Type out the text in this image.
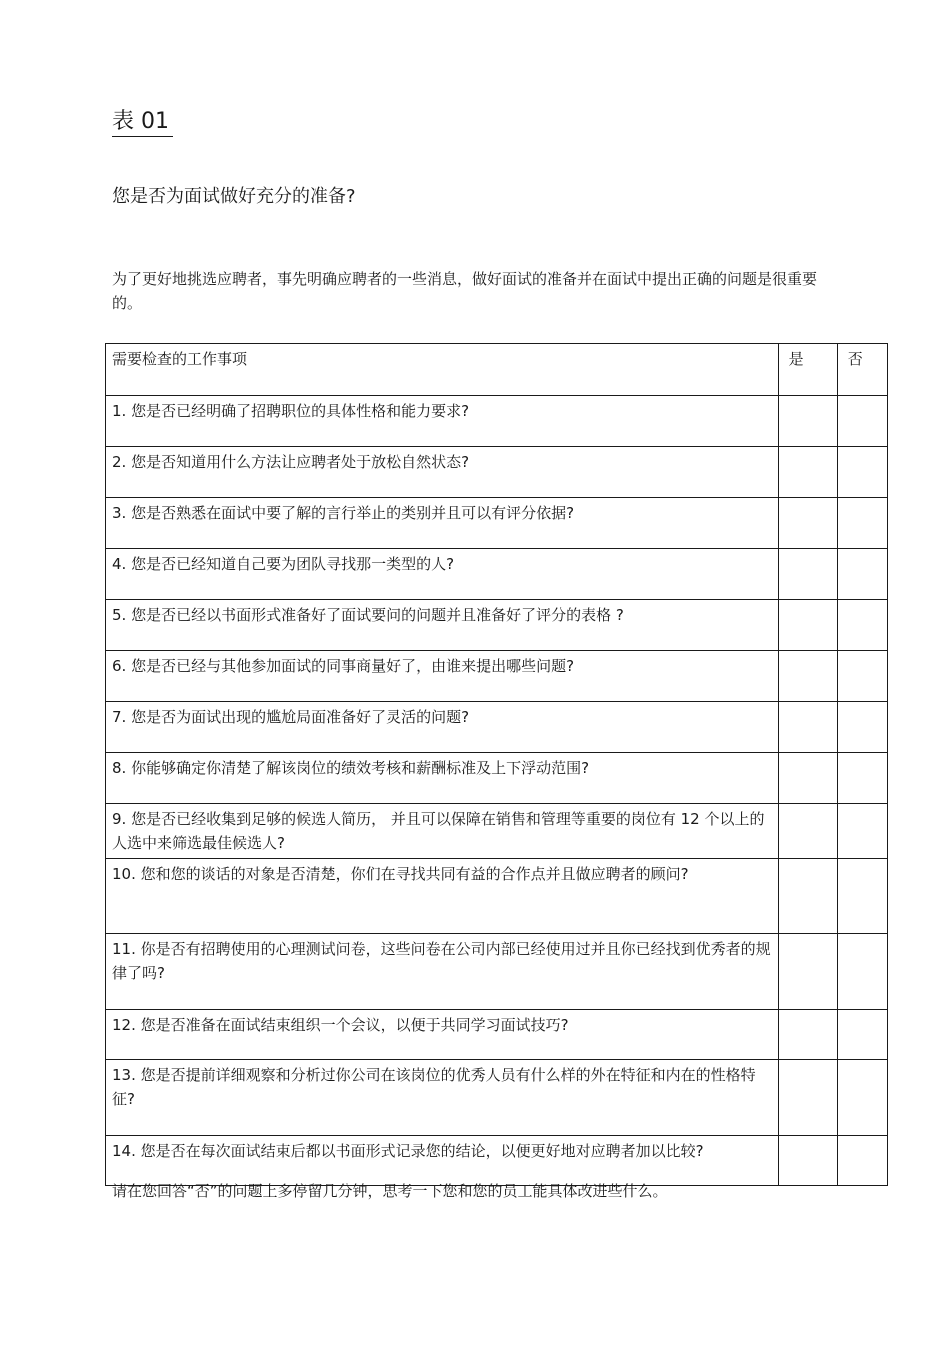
表 01
您是否为面试做好充分的准备?
为了更好地挑选应聘者，事先明确应聘者的一些消息，做好面试的准备并在面试中提出正确的问题是很重要的。
需要检查的工作事项	是	否
1. 您是否已经明确了招聘职位的具体性格和能力要求?		
2. 您是否知道用什么方法让应聘者处于放松自然状态?		
3. 您是否熟悉在面试中要了解的言行举止的类别并且可以有评分依据?		
4. 您是否已经知道自己要为团队寻找那一类型的人?		
5. 您是否已经以书面形式准备好了面试要问的问题并且准备好了评分的表格 ?		
6. 您是否已经与其他参加面试的同事商量好了，由谁来提出哪些问题?		
7. 您是否为面试出现的尴尬局面准备好了灵活的问题?		
8. 你能够确定你清楚了解该岗位的绩效考核和薪酬标准及上下浮动范围?		
9. 您是否已经收集到足够的候选人简历， 并且可以保障在销售和管理等重要的岗位有 12 个以上的人选中来筛选最佳候选人?		
10. 您和您的谈话的对象是否清楚，你们在寻找共同有益的合作点并且做应聘者的顾问?		
11. 你是否有招聘使用的心理测试问卷，这些问卷在公司内部已经使用过并且你已经找到优秀者的规律了吗?		
12. 您是否准备在面试结束组织一个会议，以便于共同学习面试技巧?		
13. 您是否提前详细观察和分析过你公司在该岗位的优秀人员有什么样的外在特征和内在的性格特征?		
14. 您是否在每次面试结束后都以书面形式记录您的结论，以便更好地对应聘者加以比较?		
请在您回答“否”的问题上多停留几分钟，思考一下您和您的员工能具体改进些什么。
